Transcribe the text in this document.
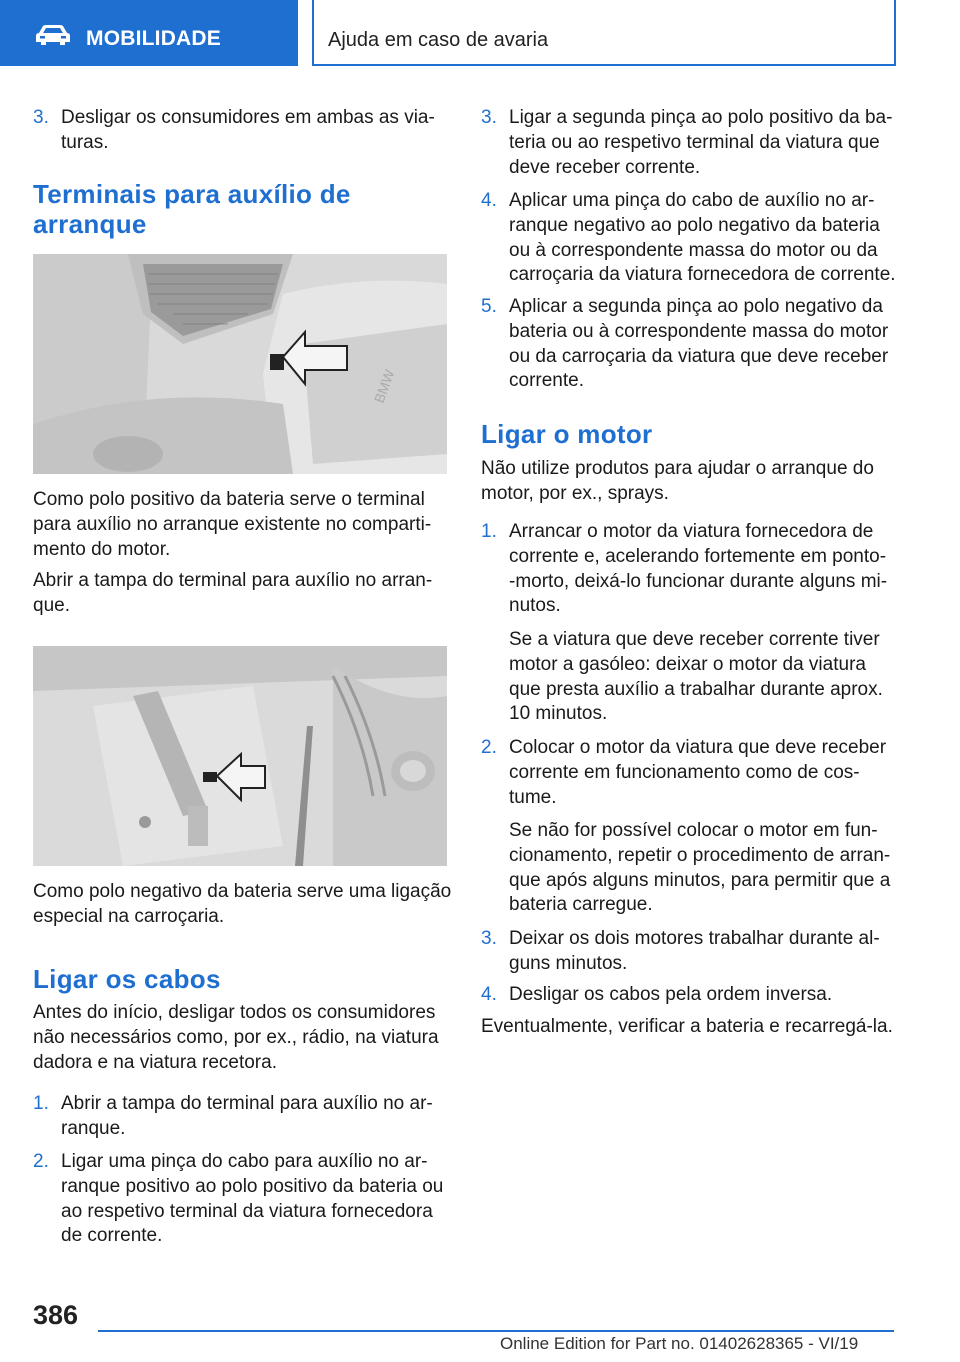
MOBILIDADE	Ajuda em caso de avaria
3. Desligar os consumidores em ambas as via‐
turas.
Terminais para auxílio de
arranque
BMW

Como polo positivo da bateria serve o terminal

para auxílio no arranque existente no comparti‐

mento do motor.

Abrir a tampa do terminal para auxílio no arran‐

que.

Como polo negativo da bateria serve uma ligação

especial na carroçaria.

Ligar os cabos

Antes do início, desligar todos os consumidores

não necessários como, por ex., rádio, na viatura

dadora e na viatura recetora.

1. Abrir a tampa do terminal para auxílio no ar‐
ranque.
2. Ligar uma pinça do cabo para auxílio no ar‐
ranque positivo ao polo positivo da bateria ou
ao respetivo terminal da viatura fornecedora
de corrente.
3. Ligar a segunda pinça ao polo positivo da ba‐
teria ou ao respetivo terminal da viatura que
deve receber corrente.
4. Aplicar uma pinça do cabo de auxílio no ar‐
ranque negativo ao polo negativo da bateria
ou à correspondente massa do motor ou da
carroçaria da viatura fornecedora de corrente.
5. Aplicar a segunda pinça ao polo negativo da
bateria ou à correspondente massa do motor
ou da carroçaria da viatura que deve receber
corrente.
Ligar o motor

Não utilize produtos para ajudar o arranque do

motor, por ex., sprays.

1. Arrancar o motor da viatura fornecedora de
corrente e, acelerando fortemente em ponto‐
-morto, deixá-lo funcionar durante alguns mi‐
nutos.

Se a viatura que deve receber corrente tiver

motor a gasóleo: deixar o motor da viatura

que presta auxílio a trabalhar durante aprox.

10 minutos.

2. Colocar o motor da viatura que deve receber
corrente em funcionamento como de cos‐
tume.

Se não for possível colocar o motor em fun‐

cionamento, repetir o procedimento de arran‐

que após alguns minutos, para permitir que a

bateria carregue.

3. Deixar os dois motores trabalhar durante al‐
guns minutos.
4. Desligar os cabos pela ordem inversa.

Eventualmente, verificar a bateria e recarregá-la.

386
Online Edition for Part no. 01402628365 - VI/19
